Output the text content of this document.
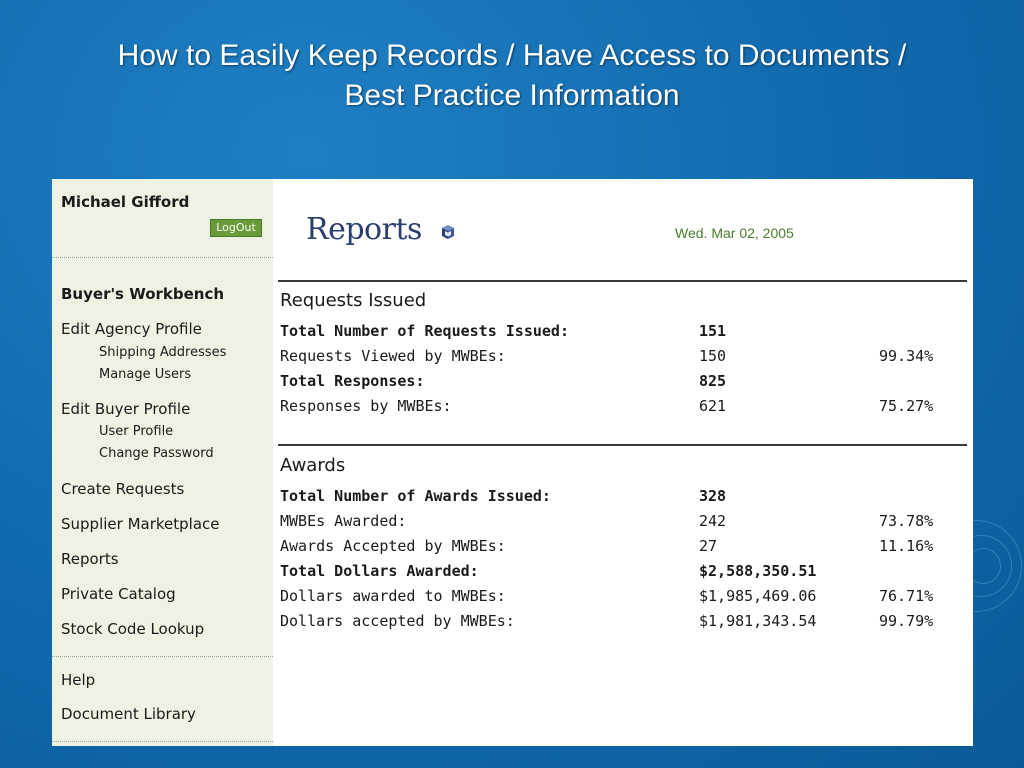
How to Easily Keep Records / Have Access to Documents /
Best Practice Information
Michael Gifford
LogOut
Buyer's Workbench
Edit Agency Profile
Shipping Addresses
Manage Users
Edit Buyer Profile
User Profile
Change Password
Create Requests
Supplier Marketplace
Reports
Private Catalog
Stock Code Lookup
Help
Document Library
Reports	Wed. Mar 02, 2005
Requests Issued
Total Number of Requests Issued:	151
Requests Viewed by MWBEs:	150	99.34%
Total Responses:	825
Responses by MWBEs:	621	75.27%
Awards
Total Number of Awards Issued:	328
MWBEs Awarded:	242	73.78%
Awards Accepted by MWBEs:	27	11.16%
Total Dollars Awarded:	$2,588,350.51
Dollars awarded to MWBEs:	$1,985,469.06	76.71%
Dollars accepted by MWBEs:	$1,981,343.54	99.79%
